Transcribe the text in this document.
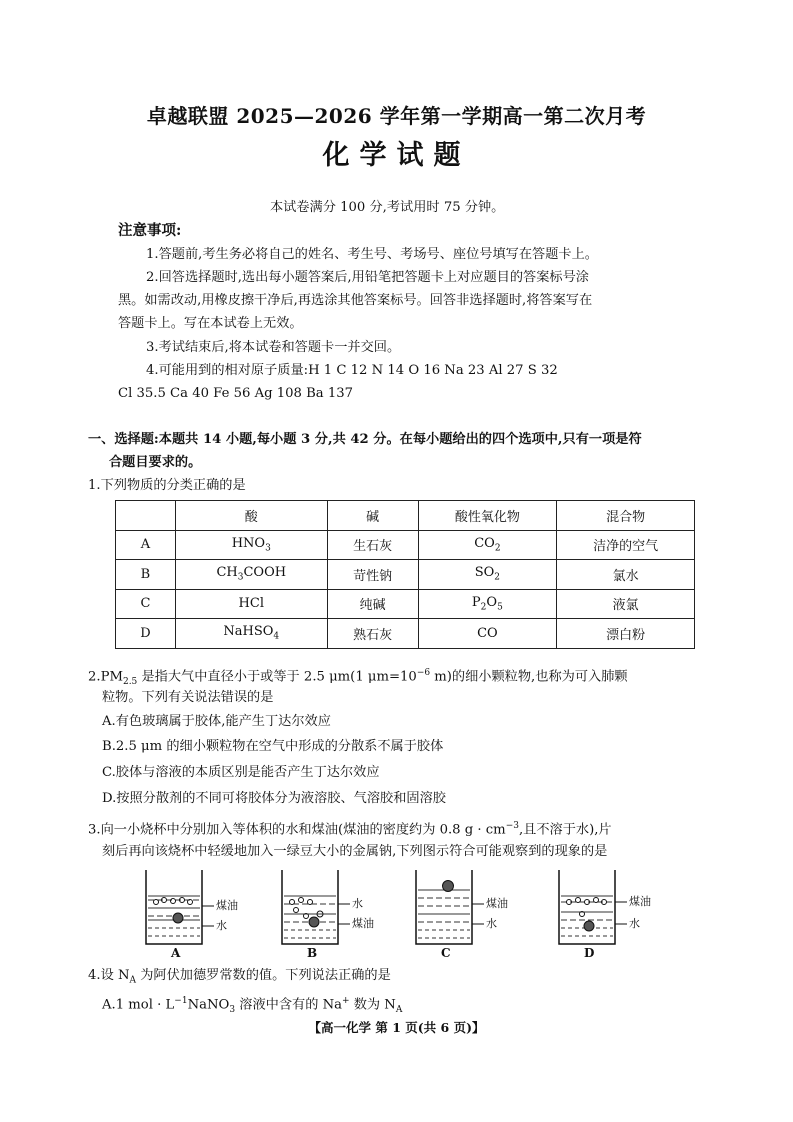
卓越联盟 2025—2026 学年第一学期高一第二次月考
化学试题
本试卷满分 100 分,考试用时 75 分钟。
注意事项:
1.答题前,考生务必将自己的姓名、考生号、考场号、座位号填写在答题卡上。
2.回答选择题时,选出每小题答案后,用铅笔把答题卡上对应题目的答案标号涂
黑。如需改动,用橡皮擦干净后,再选涂其他答案标号。回答非选择题时,将答案写在
答题卡上。写在本试卷上无效。
3.考试结束后,将本试卷和答题卡一并交回。
4.可能用到的相对原子质量:H 1 C 12 N 14 O 16 Na 23 Al 27 S 32
Cl 35.5 Ca 40 Fe 56 Ag 108 Ba 137
一、选择题:本题共 14 小题,每小题 3 分,共 42 分。在每小题给出的四个选项中,只有一项是符
合题目要求的。
1.下列物质的分类正确的是
	酸	碱	酸性氧化物	混合物
A	$HNO_3$	生石灰	$CO_2$	洁净的空气
B	$CH_3COOH$	苛性钠	$SO_2$	氯水
C	HCl	纯碱	$P_2O_5$	液氯
D	NaHSO$_4$	熟石灰	CO	漂白粉
$2.PM_{2.5}$ 是指大气中直径小于或等于 2.5 μm(1 $\mu m=10^{-6}$ m)的细小颗粒物,也称为可入肺颗
粒物。下列有关说法错误的是
A.有色玻璃属于胶体,能产生丁达尔效应
B.2.5 μm 的细小颗粒物在空气中形成的分散系不属于胶体
C.胶体与溶液的本质区别是能否产生丁达尔效应
D.按照分散剂的不同可将胶体分为液溶胶、气溶胶和固溶胶
3.向一小烧杯中分别加入等体积的水和煤油(煤油的密度约为 0.8 $g \cdot cm^{-3}$,且不溶于水),片
刻后再向该烧杯中轻缓地加入一绿豆大小的金属钠,下列图示符合可能观察到的现象的是
煤油
水
A
水
煤油
B
煤油
水
C
煤油
水
D
4.设 $N_A$ 为阿伏加德罗常数的值。下列说法正确的是
A.1 mol · $L^{-1}NaNO_3$ 溶液中含有的 Na+ 数为 $N_A$
【高一化学 第 1 页(共 6 页)】
